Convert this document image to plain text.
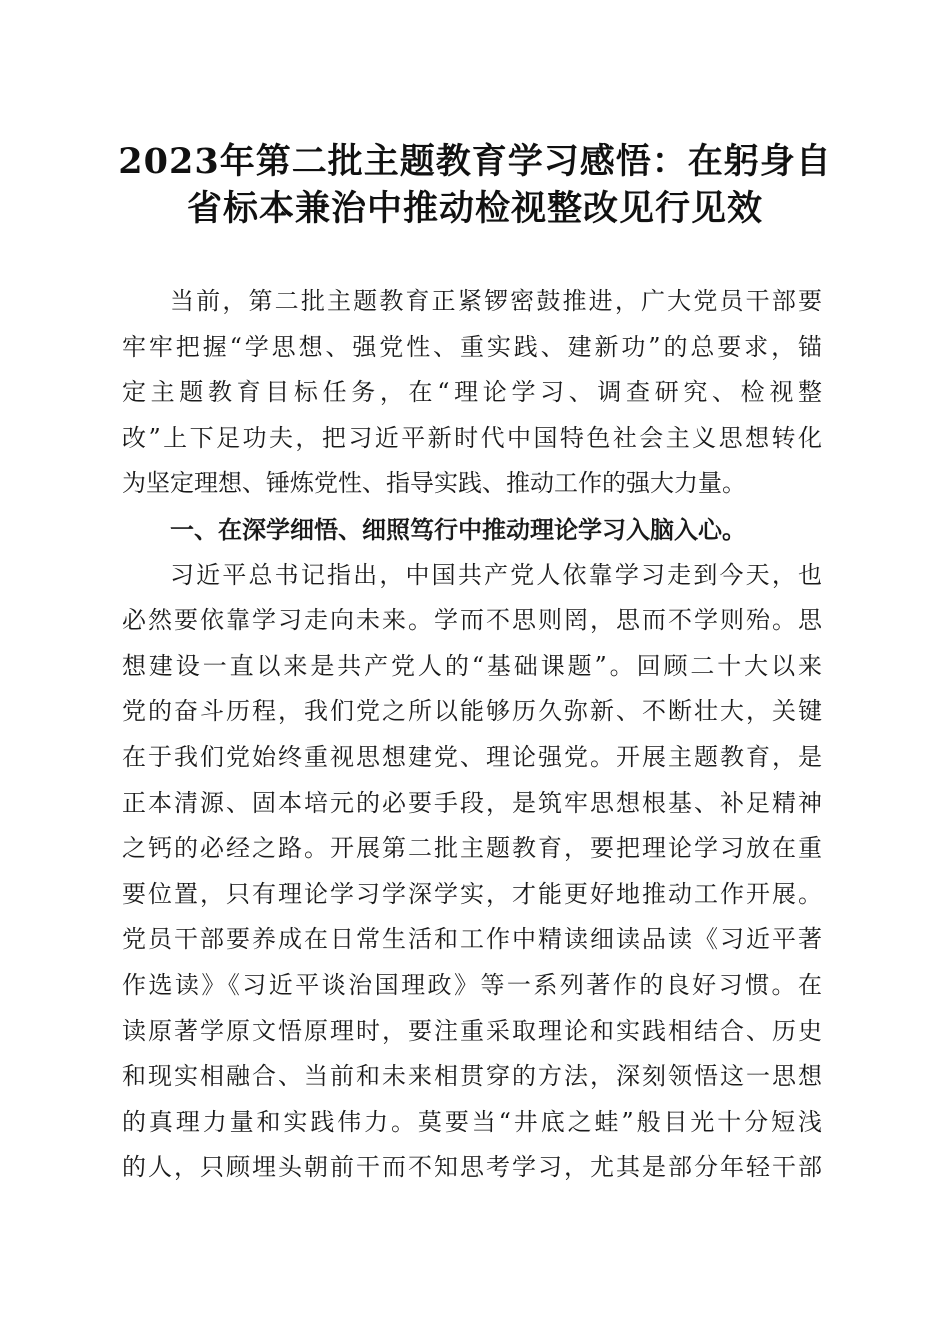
2023年第二批主题教育学习感悟：在躬身自
省标本兼治中推动检视整改见行见效
当前，第二批主题教育正紧锣密鼓推进，广大党员干部要
牢牢把握“学思想、强党性、重实践、建新功”的总要求，锚
定主题教育目标任务，在“理论学习、调查研究、检视整
改”上下足功夫，把习近平新时代中国特色社会主义思想转化
为坚定理想、锤炼党性、指导实践、推动工作的强大力量。
一、在深学细悟、细照笃行中推动理论学习入脑入心。
习近平总书记指出，中国共产党人依靠学习走到今天，也
必然要依靠学习走向未来。学而不思则罔，思而不学则殆。思
想建设一直以来是共产党人的“基础课题”。回顾二十大以来
党的奋斗历程，我们党之所以能够历久弥新、不断壮大，关键
在于我们党始终重视思想建党、理论强党。开展主题教育，是
正本清源、固本培元的必要手段，是筑牢思想根基、补足精神
之钙的必经之路。开展第二批主题教育，要把理论学习放在重
要位置，只有理论学习学深学实，才能更好地推动工作开展。
党员干部要养成在日常生活和工作中精读细读品读《习近平著
作选读》《习近平谈治国理政》等一系列著作的良好习惯。在
读原著学原文悟原理时，要注重采取理论和实践相结合、历史
和现实相融合、当前和未来相贯穿的方法，深刻领悟这一思想
的真理力量和实践伟力。莫要当“井底之蛙”般目光十分短浅
的人，只顾埋头朝前干而不知思考学习，尤其是部分年轻干部
